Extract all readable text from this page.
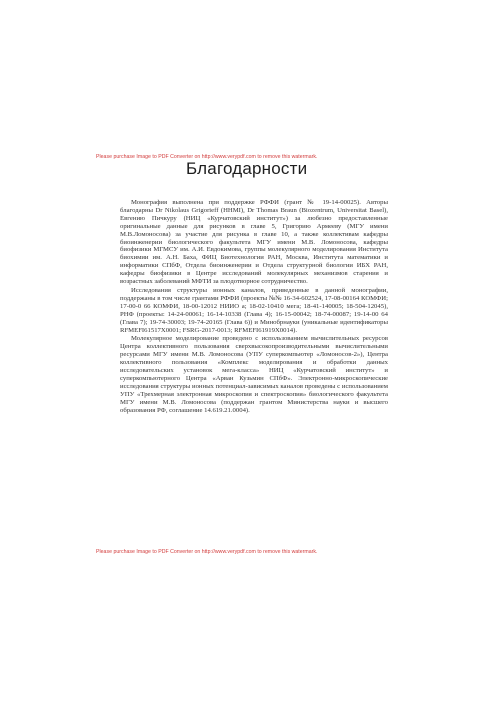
Please purchase Image to PDF Converter on http://www.verypdf.com to remove this watermark.
Благодарности

Монография выполнена при поддержке РФФИ (грант № 19-14-00025). Авторы благодарны Dr Nikolaus Grigorieff (HHMI), Dr Thomas Braun (Biozentrum, Universitat Basel), Евгению Пичкуру (НИЦ «Курчатовский институт») за любезно предоставленные оригинальные данные для рисунков в главе 5, Григорию Армееву (МГУ имени М.В.Ломоносова) за участие для рисунка в главе 10, а также коллективам кафедры биоинженерии биологического факультета МГУ имени М.В. Ломоносова, кафедры биофизики МГМСУ им. А.И. Евдокимова, группы молекулярного моделирования Института биохимии им. А.Н. Баха, ФИЦ Биотехнологии РАН, Москва, Института математики и информатики СПбФ, Отдела биоинженерии и Отдела структурной биологии ИБХ РАН, кафедры биофизики в Центре исследований молекулярных механизмов старения и возрастных заболеваний МФТИ за плодотворное сотрудничество.

Исследования структуры ионных каналов, приведенные в данной монографии, поддержаны в том числе грантами РФФИ (проекты №№ 16-34-602524, 17-08-00164 КОМФИ; 17-00-0 66 КОМФИ, 18-00-12012 НИИО а; 18-02-10410 мега; 18-41-140005; 18-504-12045), РНФ (проекты: 14-24-00061; 16-14-10338 (Глава 4); 16-15-00042; 18-74-00087; 19-14-00 64 (Глава 7); 19-74-30003; 19-74-20165 (Глава 6)) и Минобрнауки (уникальные идентификаторы RFMEFI61517X0001; FSRG-2017-0013; RFMEFI61919X0014).

Молекулярное моделирование проведено с использованием вычислительных ресурсов Центра коллективного пользования сверхвысокопроизводительными вычислительными ресурсами МГУ имени М.В. Ломоносова (УПУ суперкомпьютер «Ломоносов-2»), Центра коллективного пользования «Комплекс моделирования и обработки данных исследовательских установок мега-класса» НИЦ «Курчатовский институт» и суперкомпьютерного Центра «Арван Кузьмин СПбФ». Электронно-микроскопические исследования структуры ионных потенциал-зависимых каналов проведены с использованием УПУ «Трехмерная электронная микроскопия и спектроскопия» биологического факультета МГУ имени М.В. Ломоносова (поддержан грантом Министерства науки и высшего образования РФ, соглашение 14.619.21.0004).

Please purchase Image to PDF Converter on http://www.verypdf.com to remove this watermark.
